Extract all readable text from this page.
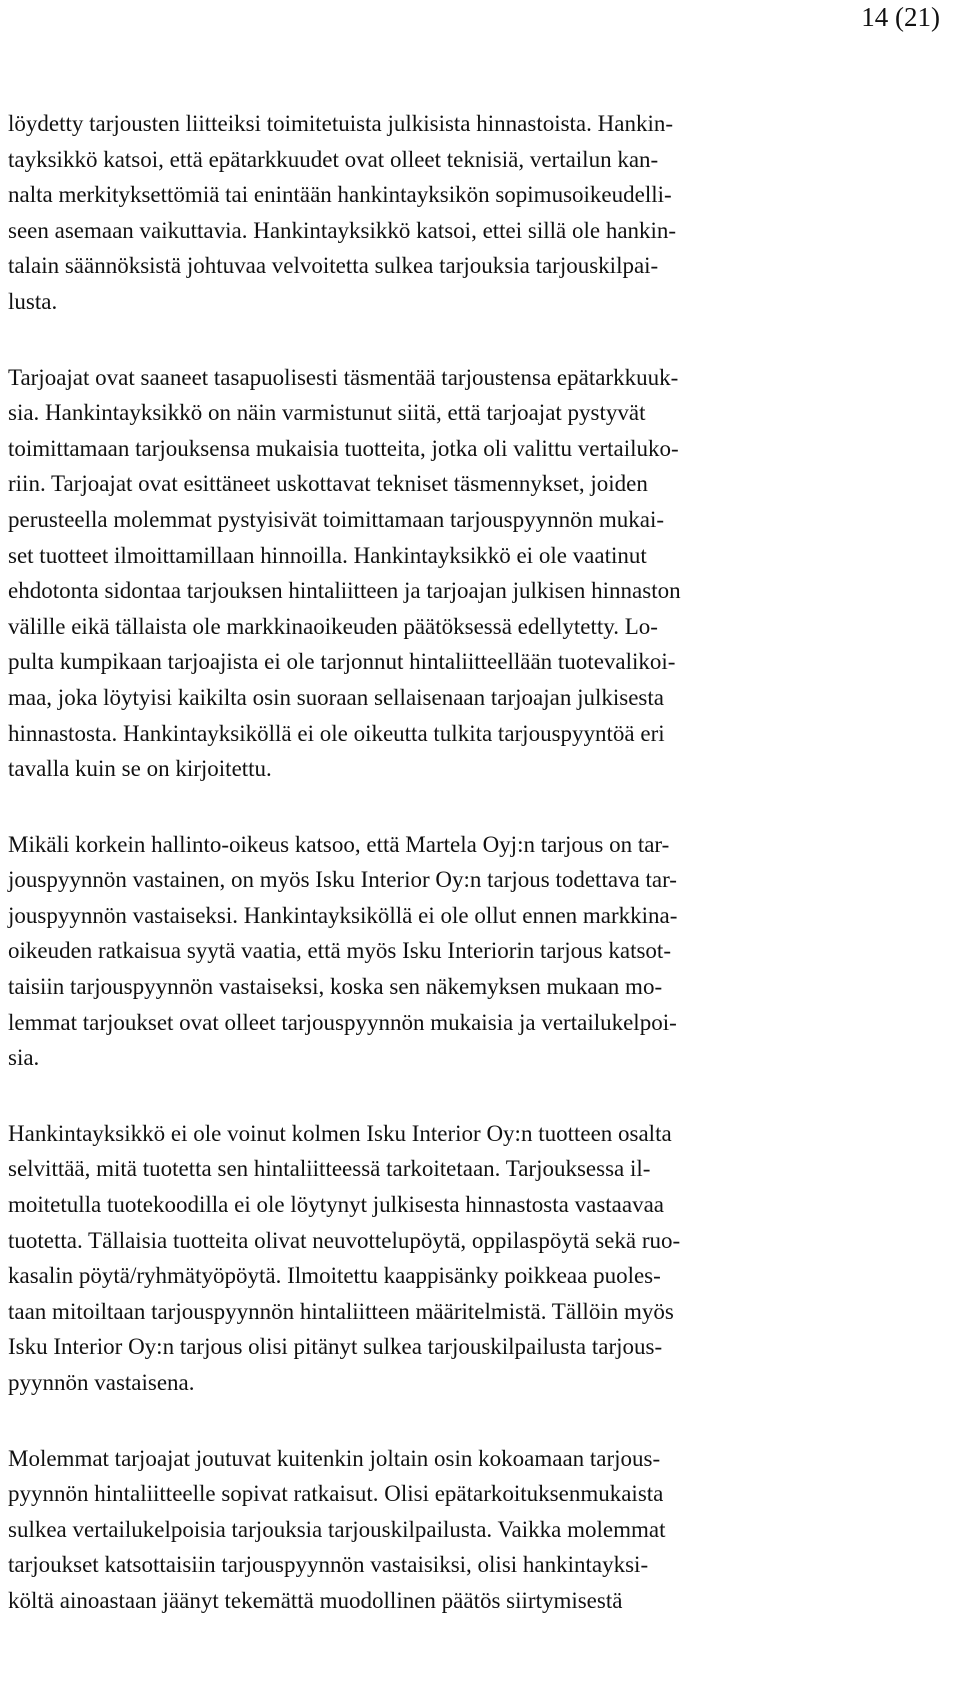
14 (21)

löydetty tarjousten liitteiksi toimitetuista julkisista hinnastoista. Hankin-
tayksikkö katsoi, että epätarkkuudet ovat olleet teknisiä, vertailun kan-
nalta merkityksettömiä tai enintään hankintayksikön sopimusoikeudelli-
seen asemaan vaikuttavia. Hankintayksikkö katsoi, ettei sillä ole hankin-
talain säännöksistä johtuvaa velvoitetta sulkea tarjouksia tarjouskilpai-
lusta.

Tarjoajat ovat saaneet tasapuolisesti täsmentää tarjoustensa epätarkkuuk-
sia. Hankintayksikkö on näin varmistunut siitä, että tarjoajat pystyvät
toimittamaan tarjouksensa mukaisia tuotteita, jotka oli valittu vertailuko-
riin. Tarjoajat ovat esittäneet uskottavat tekniset täsmennykset, joiden
perusteella molemmat pystyisivät toimittamaan tarjouspyynnön mukai-
set tuotteet ilmoittamillaan hinnoilla. Hankintayksikkö ei ole vaatinut
ehdotonta sidontaa tarjouksen hintaliitteen ja tarjoajan julkisen hinnaston
välille eikä tällaista ole markkinaoikeuden päätöksessä edellytetty. Lo-
pulta kumpikaan tarjoajista ei ole tarjonnut hintaliitteellään tuotevalikoi-
maa, joka löytyisi kaikilta osin suoraan sellaisenaan tarjoajan julkisesta
hinnastosta. Hankintayksiköllä ei ole oikeutta tulkita tarjouspyyntöä eri
tavalla kuin se on kirjoitettu.

Mikäli korkein hallinto-oikeus katsoo, että Martela Oyj:n tarjous on tar-
jouspyynnön vastainen, on myös Isku Interior Oy:n tarjous todettava tar-
jouspyynnön vastaiseksi. Hankintayksiköllä ei ole ollut ennen markkina-
oikeuden ratkaisua syytä vaatia, että myös Isku Interiorin tarjous katsot-
taisiin tarjouspyynnön vastaiseksi, koska sen näkemyksen mukaan mo-
lemmat tarjoukset ovat olleet tarjouspyynnön mukaisia ja vertailukelpoi-
sia.

Hankintayksikkö ei ole voinut kolmen Isku Interior Oy:n tuotteen osalta
selvittää, mitä tuotetta sen hintaliitteessä tarkoitetaan. Tarjouksessa il-
moitetulla tuotekoodilla ei ole löytynyt julkisesta hinnastosta vastaavaa
tuotetta. Tällaisia tuotteita olivat neuvottelupöytä, oppilaspöytä sekä ruo-
kasalin pöytä/ryhmätyöpöytä. Ilmoitettu kaappisänky poikkeaa puoles-
taan mitoiltaan tarjouspyynnön hintaliitteen määritelmistä. Tällöin myös
Isku Interior Oy:n tarjous olisi pitänyt sulkea tarjouskilpailusta tarjous-
pyynnön vastaisena.

Molemmat tarjoajat joutuvat kuitenkin joltain osin kokoamaan tarjous-
pyynnön hintaliitteelle sopivat ratkaisut. Olisi epätarkoituksenmukaista
sulkea vertailukelpoisia tarjouksia tarjouskilpailusta. Vaikka molemmat
tarjoukset katsottaisiin tarjouspyynnön vastaisiksi, olisi hankintayksi-
költä ainoastaan jäänyt tekemättä muodollinen päätös siirtymisestä
